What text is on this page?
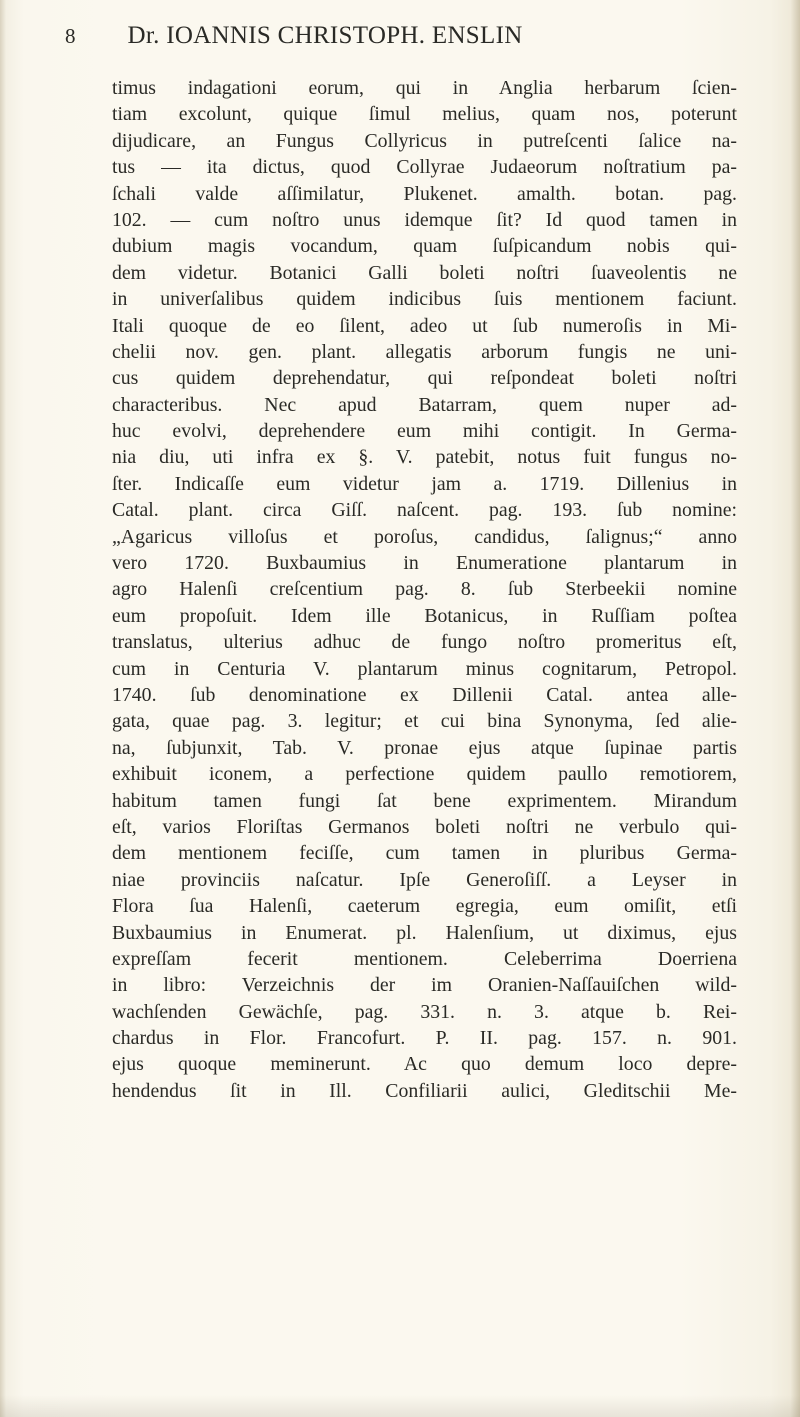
8 Dr. IOANNIS CHRISTOPH. ENSLIN
timus indagationi eorum, qui in Anglia herbarum ſcien-
tiam excolunt, quique ſimul melius, quam nos, poterunt
dijudicare, an Fungus Collyricus in putreſcenti ſalice na-
tus — ita dictus, quod Collyrae Judaeorum noſtratium pa-
ſchali valde aſſimilatur, Plukenet. amalth. botan. pag.
102. — cum noſtro unus idemque ſit? Id quod tamen in
dubium magis vocandum, quam ſuſpicandum nobis qui-
dem videtur. Botanici Galli boleti noſtri ſuaveolentis ne
in univerſalibus quidem indicibus ſuis mentionem faciunt.
Itali quoque de eo ſilent, adeo ut ſub numeroſis in Mi-
chelii nov. gen. plant. allegatis arborum fungis ne uni-
cus quidem deprehendatur, qui reſpondeat boleti noſtri
characteribus. Nec apud Batarram, quem nuper ad-
huc evolvi, deprehendere eum mihi contigit. In Germa-
nia diu, uti infra ex §. V. patebit, notus fuit fungus no-
ſter. Indicaſſe eum videtur jam a. 1719. Dillenius in
Catal. plant. circa Giſſ. naſcent. pag. 193. ſub nomine:
„Agaricus villoſus et poroſus, candidus, ſalignus;“ anno
vero 1720. Buxbaumius in Enumeratione plantarum in
agro Halenſi creſcentium pag. 8. ſub Sterbeekii nomine
eum propoſuit. Idem ille Botanicus, in Ruſſiam poſtea
translatus, ulterius adhuc de fungo noſtro promeritus eſt,
cum in Centuria V. plantarum minus cognitarum, Petropol.
1740. ſub denominatione ex Dillenii Catal. antea alle-
gata, quae pag. 3. legitur; et cui bina Synonyma, ſed alie-
na, ſubjunxit, Tab. V. pronae ejus atque ſupinae partis
exhibuit iconem, a perfectione quidem paullo remotiorem,
habitum tamen fungi ſat bene exprimentem. Mirandum
eſt, varios Floriſtas Germanos boleti noſtri ne verbulo qui-
dem mentionem feciſſe, cum tamen in pluribus Germa-
niae provinciis naſcatur. Ipſe Generoſiſſ. a Leyser in
Flora ſua Halenſi, caeterum egregia, eum omiſit, etſi
Buxbaumius in Enumerat. pl. Halenſium, ut diximus, ejus
expreſſam fecerit mentionem. Celeberrima Doerriena
in libro: Verzeichnis der im Oranien-Naſſauiſchen wild-
wachſenden Gewächſe, pag. 331. n. 3. atque b. Rei-
chardus in Flor. Francofurt. P. II. pag. 157. n. 901.
ejus quoque meminerunt. Ac quo demum loco depre-
hendendus ſit in Ill. Confiliarii aulici, Gleditschii Me-
